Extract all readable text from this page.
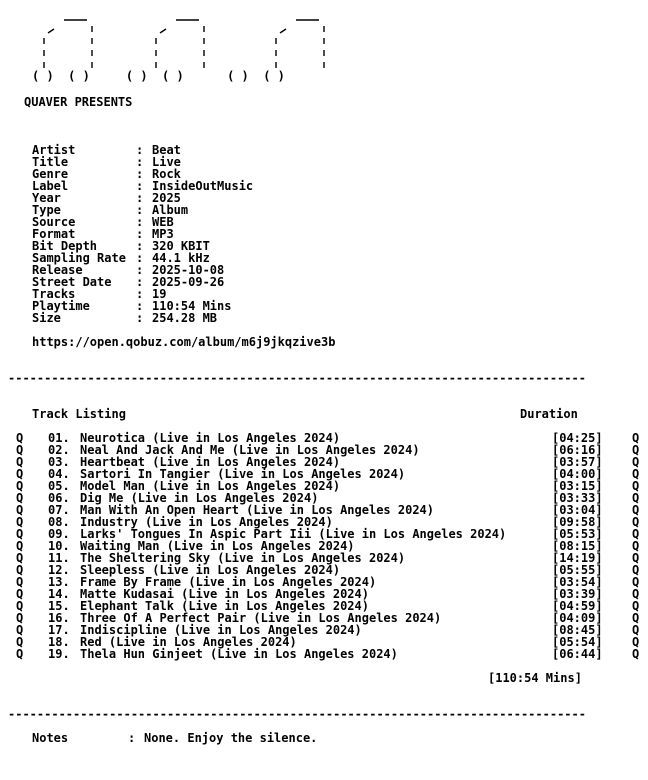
( )  ( )     ( )  ( )      ( )  ( )
QUAVER PRESENTS
Artist	: Beat
Title	: Live
Genre	: Rock
Label	: InsideOutMusic
Year	: 2025
Type	: Album
Source	: WEB
Format	: MP3
Bit Depth	: 320 KBIT
Sampling Rate : 44.1 kHz
Release	: 2025-10-08
Street Date : 2025-09-26
Tracks	: 19
Playtime	: 110:54 Mins
Size	: 254.28 MB
https://open.qobuz.com/album/m6j9jkqzive3b
--------------------------------------------------------------------------------
Track Listing	Duration
Q 01. Neurotica (Live in Los Angeles 2024)	[04:25] Q
Q 02. Neal And Jack And Me (Live in Los Angeles 2024)	[06:16] Q
Q 03. Heartbeat (Live in Los Angeles 2024)	[03:57] Q
Q 04. Sartori In Tangier (Live in Los Angeles 2024)	[04:00] Q
Q 05. Model Man (Live in Los Angeles 2024)	[03:15] Q
Q 06. Dig Me (Live in Los Angeles 2024)	[03:33] Q
Q 07. Man With An Open Heart (Live in Los Angeles 2024)	[03:04] Q
Q 08. Industry (Live in Los Angeles 2024)	[09:58] Q
Q 09. Larks' Tongues In Aspic Part Iii (Live in Los Angeles 2024)	[05:53] Q
Q 10. Waiting Man (Live in Los Angeles 2024)	[08:15] Q
Q 11. The Sheltering Sky (Live in Los Angeles 2024)	[14:19] Q
Q 12. Sleepless (Live in Los Angeles 2024)	[05:55] Q
Q 13. Frame By Frame (Live in Los Angeles 2024)	[03:54] Q
Q 14. Matte Kudasai (Live in Los Angeles 2024)	[03:39] Q
Q 15. Elephant Talk (Live in Los Angeles 2024)	[04:59] Q
Q 16. Three Of A Perfect Pair (Live in Los Angeles 2024)	[04:09] Q
Q 17. Indiscipline (Live in Los Angeles 2024)	[08:45] Q
Q 18. Red (Live in Los Angeles 2024)	[05:54] Q
Q 19. Thela Hun Ginjeet (Live in Los Angeles 2024)	[06:44] Q
[110:54 Mins]
--------------------------------------------------------------------------------
Notes	: None. Enjoy the silence.
